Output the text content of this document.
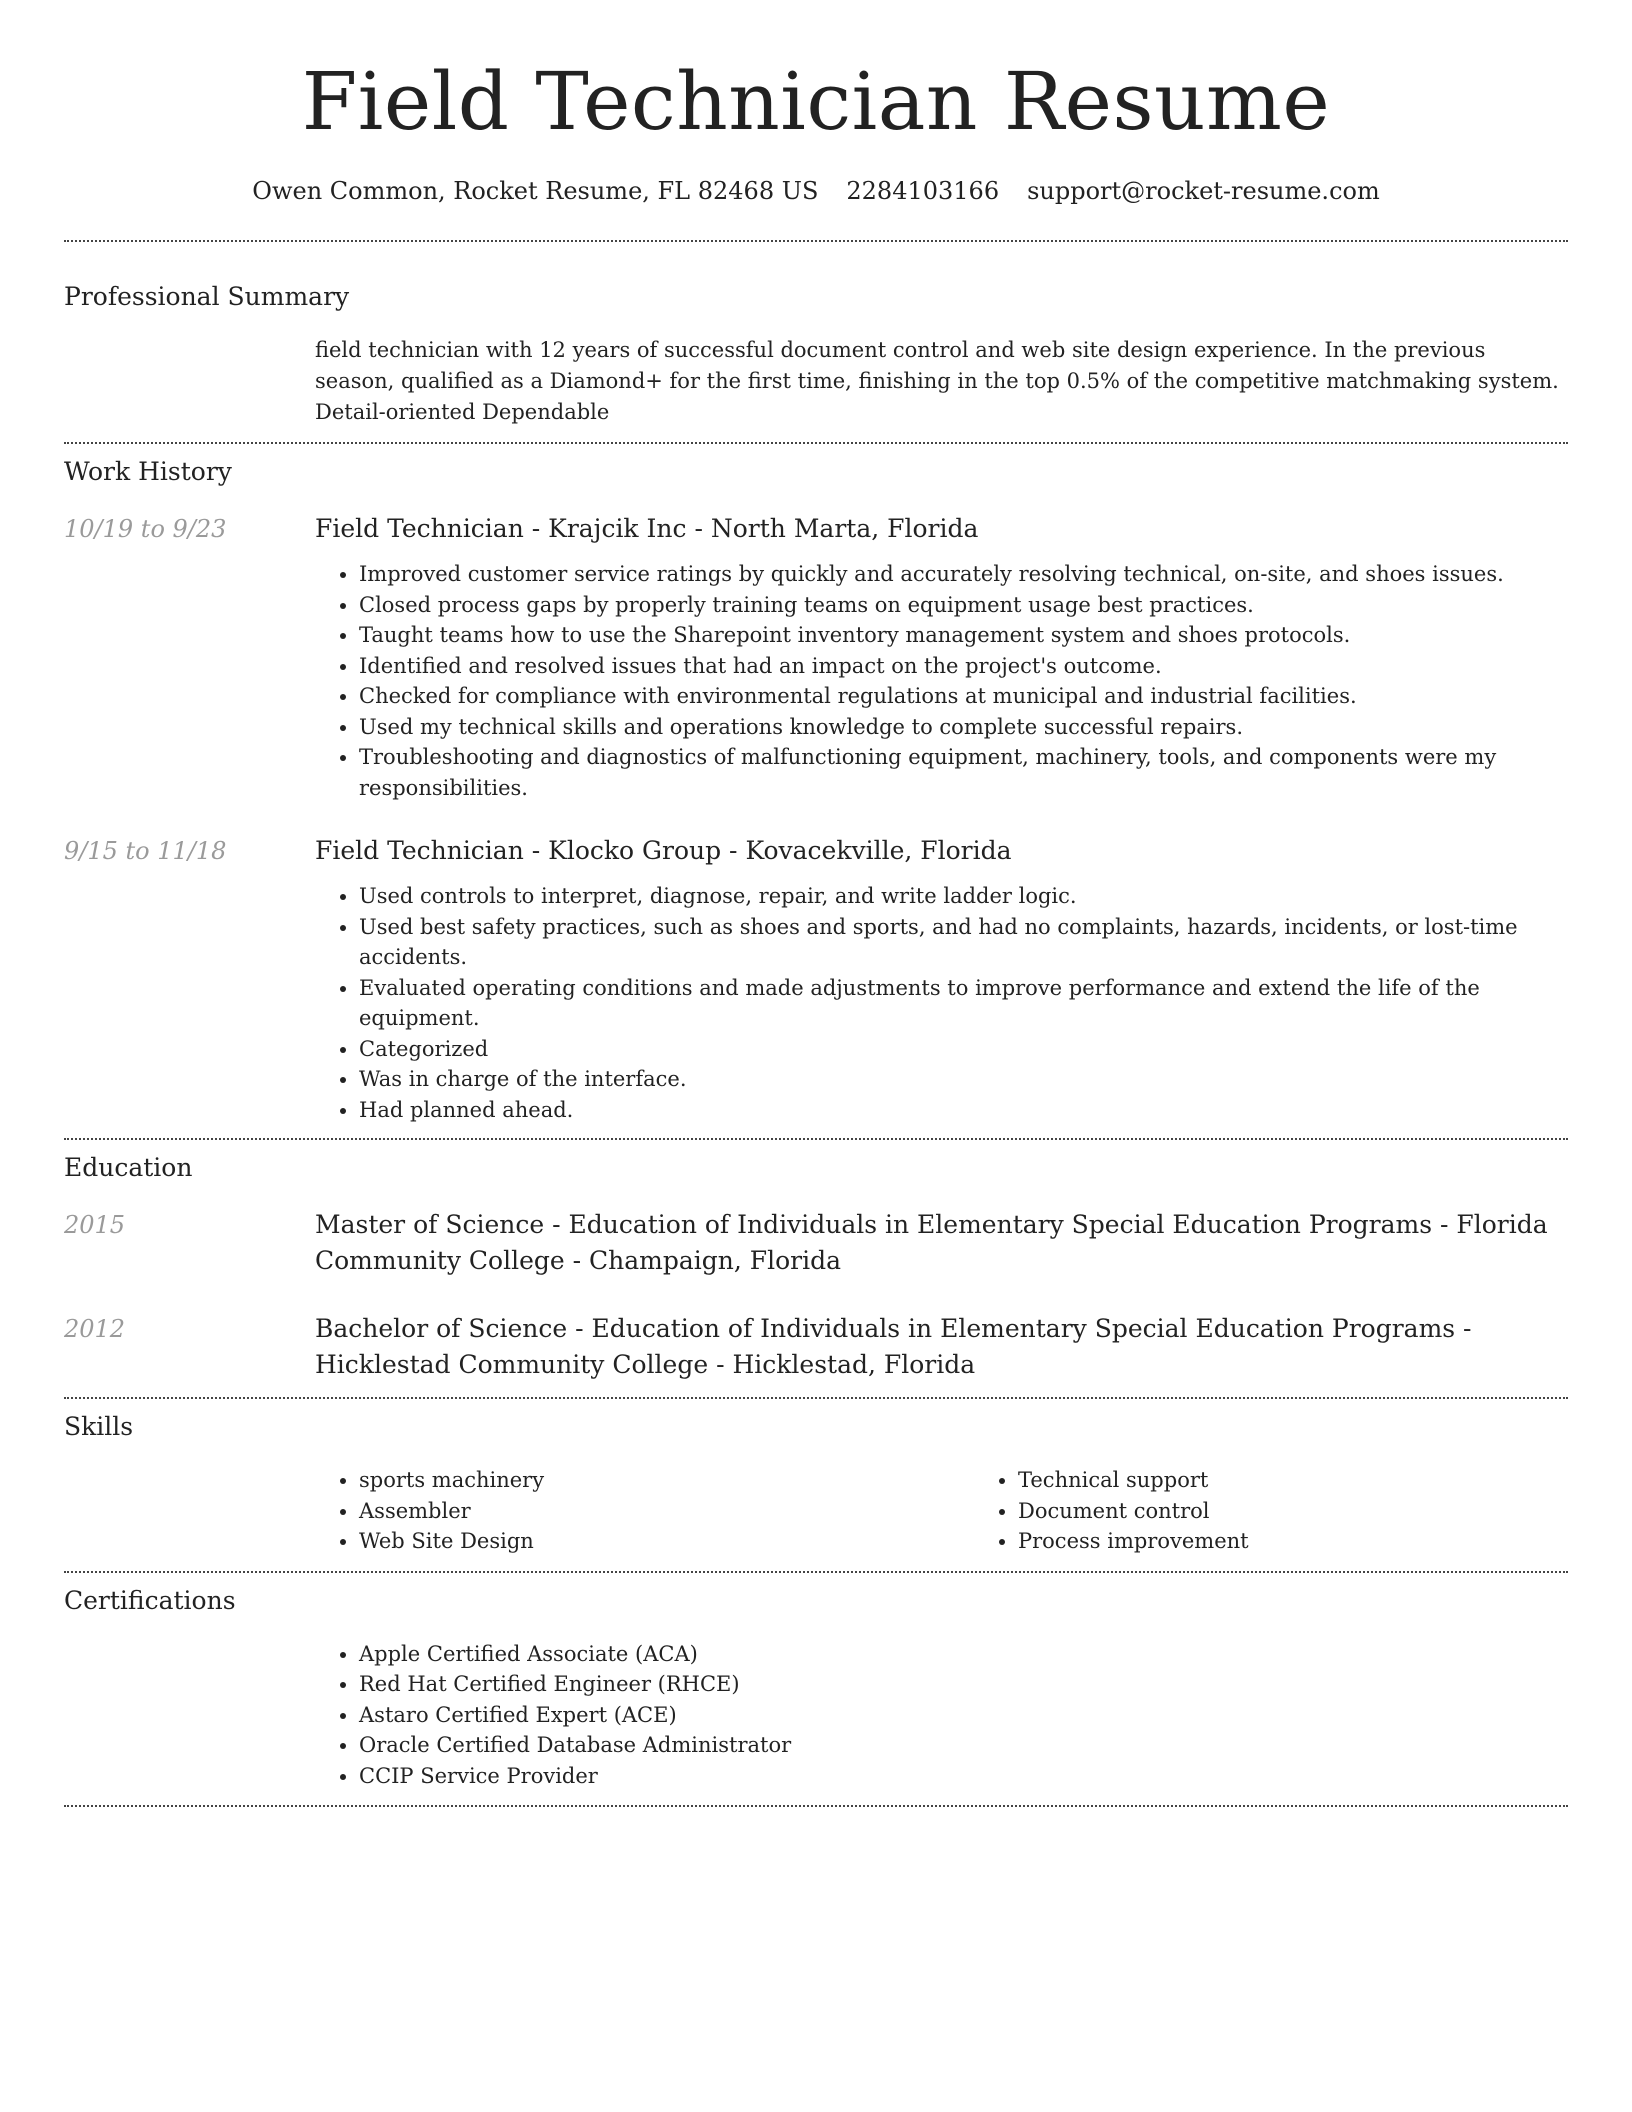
Field Technician Resume
Owen Common, Rocket Resume, FL 82468 US 2284103166 support@rocket-resume.com
Professional Summary
field technician with 12 years of successful document control and web site design experience. In the previous season, qualified as a Diamond+ for the first time, finishing in the top 0.5% of the competitive matchmaking system. Detail-oriented Dependable
Work History
10/19 to 9/23	Field Technician - Krajcik Inc - North Marta, Florida
• Improved customer service ratings by quickly and accurately resolving technical, on-site, and shoes issues.
• Closed process gaps by properly training teams on equipment usage best practices.
• Taught teams how to use the Sharepoint inventory management system and shoes protocols.
• Identified and resolved issues that had an impact on the project's outcome.
• Checked for compliance with environmental regulations at municipal and industrial facilities.
• Used my technical skills and operations knowledge to complete successful repairs.
• Troubleshooting and diagnostics of malfunctioning equipment, machinery, tools, and components were my responsibilities.
9/15 to 11/18	Field Technician - Klocko Group - Kovacekville, Florida
• Used controls to interpret, diagnose, repair, and write ladder logic.
• Used best safety practices, such as shoes and sports, and had no complaints, hazards, incidents, or lost-time accidents.
• Evaluated operating conditions and made adjustments to improve performance and extend the life of the equipment.
• Categorized
• Was in charge of the interface.
• Had planned ahead.
Education
2015	Master of Science - Education of Individuals in Elementary Special Education Programs - Florida Community College - Champaign, Florida
2012	Bachelor of Science - Education of Individuals in Elementary Special Education Programs - Hicklestad Community College - Hicklestad, Florida
Skills
• sports machinery
• Assembler
• Web Site Design
• Technical support
• Document control
• Process improvement
Certifications
• Apple Certified Associate (ACA)
• Red Hat Certified Engineer (RHCE)
• Astaro Certified Expert (ACE)
• Oracle Certified Database Administrator
• CCIP Service Provider
